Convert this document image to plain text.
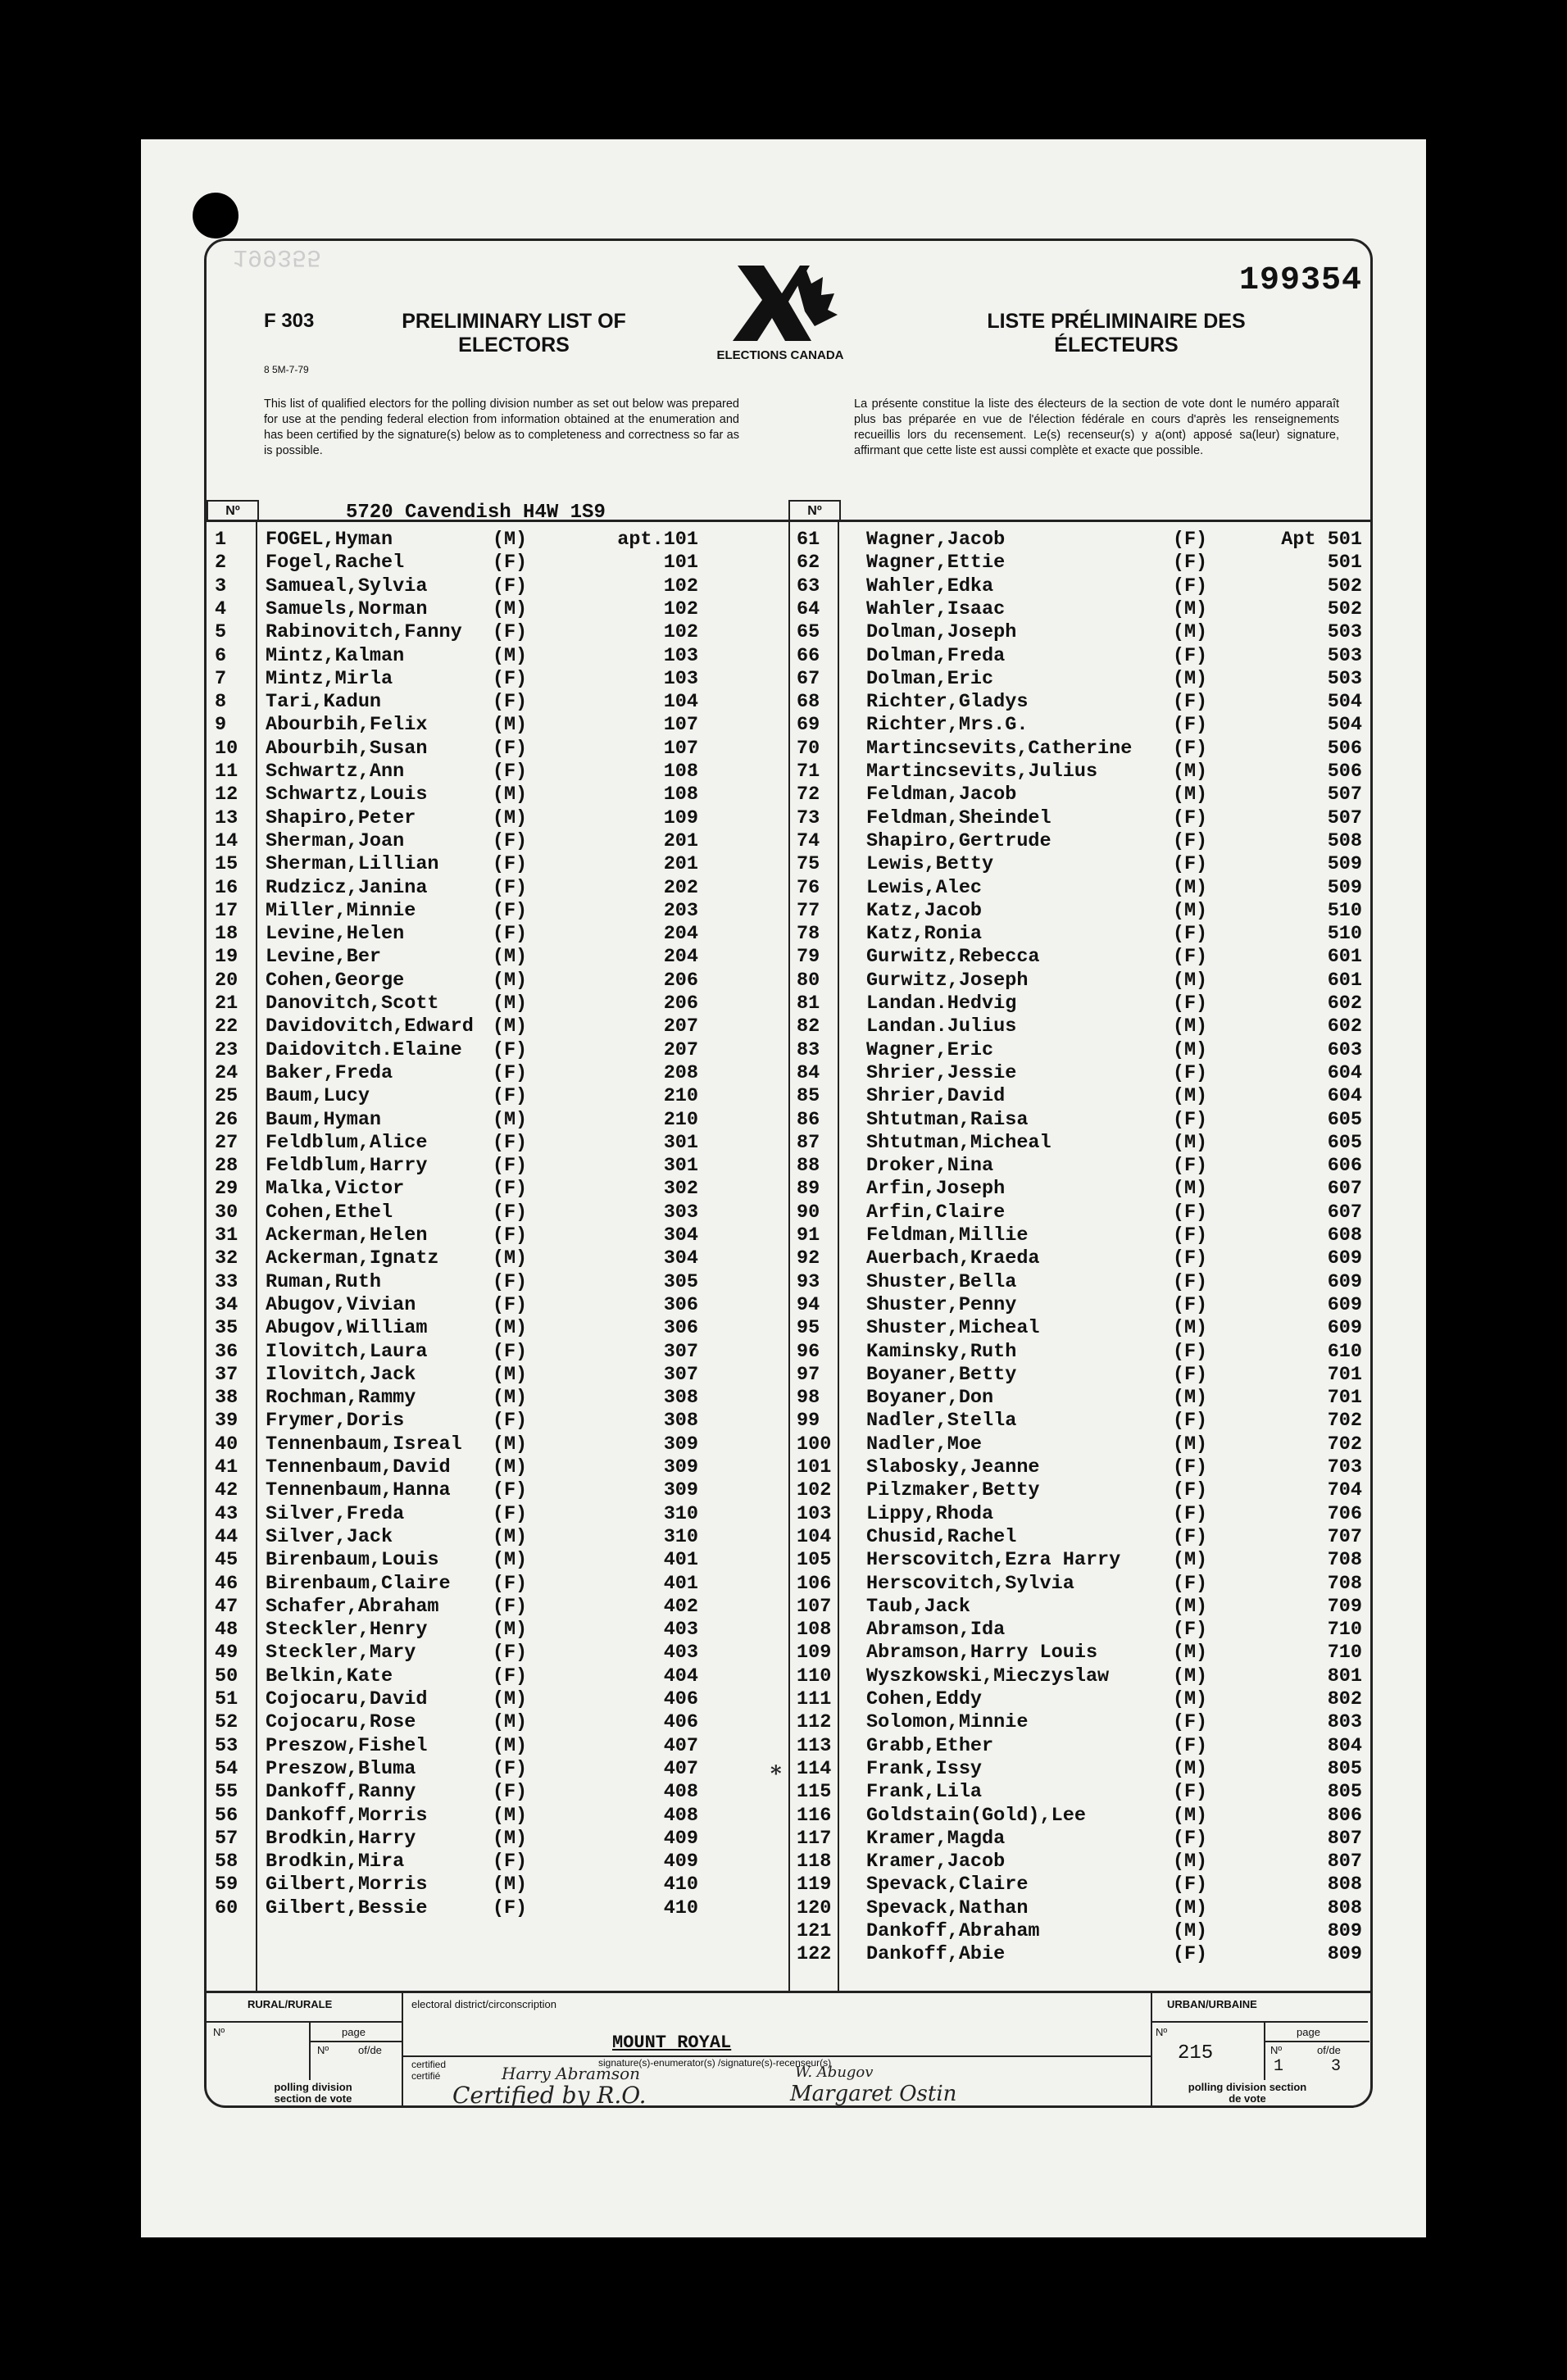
199355
199354
F 303
8 5M-7-79
PRELIMINARY LIST OF ELECTORS
LISTE PRÉLIMINAIRE DES ÉLECTEURS
ELECTIONS CANADA
This list of qualified electors for the polling division number as set out below was prepared for use at the pending federal election from information obtained at the enumeration and has been certified by the signature(s) below as to completeness and correctness so far as is possible.
La présente constitue la liste des électeurs de la section de vote dont le numéro apparaît plus bas préparée en vue de l'élection fédérale en cours d'après les renseignements recueillis lors du recensement. Le(s) recenseur(s) y a(ont) apposé sa(leur) signature, affirmant que cette liste est aussi complète et exacte que possible.
Nº	Nº
5720 Cavendish H4W 1S9
1 FOGEL,Hyman	(M)	apt.101
2 Fogel,Rachel	(F)	101
3 Samueal,Sylvia	(F)	102
4 Samuels,Norman	(M)	102
5 Rabinovitch,Fanny	(F)	102
6 Mintz,Kalman	(M)	103
7 Mintz,Mirla	(F)	103
8 Tari,Kadun	(F)	104
9 Abourbih,Felix	(M)	107
10 Abourbih,Susan	(F)	107
11 Schwartz,Ann	(F)	108
12 Schwartz,Louis	(M)	108
13 Shapiro,Peter	(M)	109
14 Sherman,Joan	(F)	201
15 Sherman,Lillian	(F)	201
16 Rudzicz,Janina	(F)	202
17 Miller,Minnie	(F)	203
18 Levine,Helen	(F)	204
19 Levine,Ber	(M)	204
20 Cohen,George	(M)	206
21 Danovitch,Scott	(M)	206
22 Davidovitch,Edward (M)	207
23 Daidovitch.Elaine	(F)	207
24 Baker,Freda	(F)	208
25 Baum,Lucy	(F)	210
26 Baum,Hyman	(M)	210
27 Feldblum,Alice	(F)	301
28 Feldblum,Harry	(F)	301
29 Malka,Victor	(F)	302
30 Cohen,Ethel	(F)	303
31 Ackerman,Helen	(F)	304
32 Ackerman,Ignatz	(M)	304
33 Ruman,Ruth	(F)	305
34 Abugov,Vivian	(F)	306
35 Abugov,William	(M)	306
36 Ilovitch,Laura	(F)	307
37 Ilovitch,Jack	(M)	307
38 Rochman,Rammy	(M)	308
39 Frymer,Doris	(F)	308
40 Tennenbaum,Isreal	(M)	309
41 Tennenbaum,David	(M)	309
42 Tennenbaum,Hanna	(F)	309
43 Silver,Freda	(F)	310
44 Silver,Jack	(M)	310
45 Birenbaum,Louis	(M)	401
46 Birenbaum,Claire	(F)	401
47 Schafer,Abraham	(F)	402
48 Steckler,Henry	(M)	403
49 Steckler,Mary	(F)	403
50 Belkin,Kate	(F)	404
51 Cojocaru,David	(M)	406
52 Cojocaru,Rose	(M)	406
53 Preszow,Fishel	(M)	407
54 Preszow,Bluma	(F)	407
55 Dankoff,Ranny	(F)	408
56 Dankoff,Morris	(M)	408
57 Brodkin,Harry	(M)	409
58 Brodkin,Mira	(F)	409
59 Gilbert,Morris	(M)	410
60 Gilbert,Bessie	(F)	410
61 Wagner,Jacob	(F)	Apt 501
62 Wagner,Ettie	(F)	501
63 Wahler,Edka	(F)	502
64 Wahler,Isaac	(M)	502
65 Dolman,Joseph	(M)	503
66 Dolman,Freda	(F)	503
67 Dolman,Eric	(M)	503
68 Richter,Gladys	(F)	504
69 Richter,Mrs.G.	(F)	504
70 Martincsevits,Catherine	(F)	506
71 Martincsevits,Julius	(M)	506
72 Feldman,Jacob	(M)	507
73 Feldman,Sheindel	(F)	507
74 Shapiro,Gertrude	(F)	508
75 Lewis,Betty	(F)	509
76 Lewis,Alec	(M)	509
77 Katz,Jacob	(M)	510
78 Katz,Ronia	(F)	510
79 Gurwitz,Rebecca	(F)	601
80 Gurwitz,Joseph	(M)	601
81 Landan.Hedvig	(F)	602
82 Landan.Julius	(M)	602
83 Wagner,Eric	(M)	603
84 Shrier,Jessie	(F)	604
85 Shrier,David	(M)	604
86 Shtutman,Raisa	(F)	605
87 Shtutman,Micheal	(M)	605
88 Droker,Nina	(F)	606
89 Arfin,Joseph	(M)	607
90 Arfin,Claire	(F)	607
91 Feldman,Millie	(F)	608
92 Auerbach,Kraeda	(F)	609
93 Shuster,Bella	(F)	609
94 Shuster,Penny	(F)	609
95 Shuster,Micheal	(M)	609
96 Kaminsky,Ruth	(F)	610
97 Boyaner,Betty	(F)	701
98 Boyaner,Don	(M)	701
99 Nadler,Stella	(F)	702
100 Nadler,Moe	(M)	702
101 Slabosky,Jeanne	(F)	703
102 Pilzmaker,Betty	(F)	704
103 Lippy,Rhoda	(F)	706
104 Chusid,Rachel	(F)	707
105 Herscovitch,Ezra Harry	(M)	708
106 Herscovitch,Sylvia	(F)	708
107 Taub,Jack	(M)	709
108 Abramson,Ida	(F)	710
109 Abramson,Harry Louis	(M)	710
110 Wyszkowski,Mieczyslaw	(M)	801
111 Cohen,Eddy	(M)	802
112 Solomon,Minnie	(F)	803
113 Grabb,Ether	(F)	804
114 Frank,Issy	(M)	805
115 Frank,Lila	(F)	805
116 Goldstain(Gold),Lee	(M)	806
117 Kramer,Magda	(F)	807
118 Kramer,Jacob	(M)	807
119 Spevack,Claire	(F)	808
120 Spevack,Nathan	(M)	808
121 Dankoff,Abraham	(M)	809
122 Dankoff,Abie	(F)	809
*
RURAL/RURALE	electoral district/circonscription	URBAN/URBAINE
Nº	page
Nº	of/de
polling division section de vote
MOUNT ROYAL
certified
certifié
signature(s)-enumerator(s) /signature(s)-recenseur(s)
Harry Abramson	W. Abugov
Certified by R.O.	Margaret Ostin
Nº
215
page
Nº	of/de
1	3
polling division section de vote
